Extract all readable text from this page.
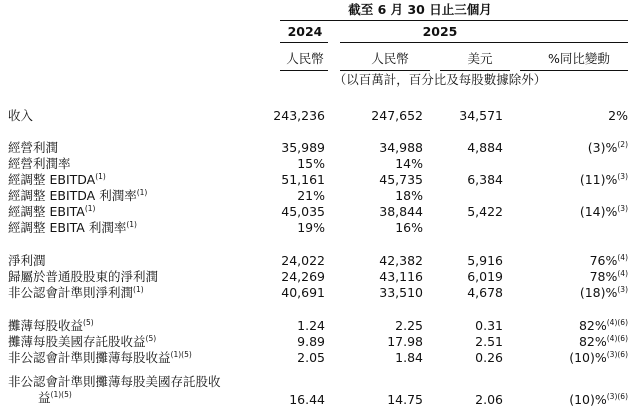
截至 6 月 30 日止三個月
2024	2025
人民幣	人民幣	美元	%同比變動
（以百萬計，百分比及每股數據除外）
收入	243,236	247,652	34,571	2%
經營利潤	35,989	34,988	4,884	(3)%$^{(2)}$
經營利潤率	15%	14%
經調整 EBITDA$^{(1)}$	51,161	45,735	6,384	(11)%$^{(3)}$
經調整 EBITDA 利潤率$^{(1)}$	21%	18%
經調整 EBITA$^{(1)}$	45,035	38,844	5,422	(14)%$^{(3)}$
經調整 EBITA 利潤率$^{(1)}$	19%	16%
淨利潤	24,022	42,382	5,916	76%$^{(4)}$
歸屬於普通股股東的淨利潤	24,269	43,116	6,019	78%$^{(4)}$
非公認會計準則淨利潤$^{(1)}$	40,691	33,510	4,678	(18)%$^{(3)}$
攤薄每股收益$^{(5)}$	1.24	2.25	0.31	82%$^{(4)(6)}$
攤薄每股美國存託股收益$^{(5)}$	9.89	17.98	2.51	82%$^{(4)(6)}$
非公認會計準則攤薄每股收益$^{(1)(5)}$	2.05	1.84	0.26	(10)%$^{(3)(6)}$
非公認會計準則攤薄每股美國存託股收
益$^{(1)(5)}$	16.44	14.75	2.06	(10)%$^{(3)(6)}$
